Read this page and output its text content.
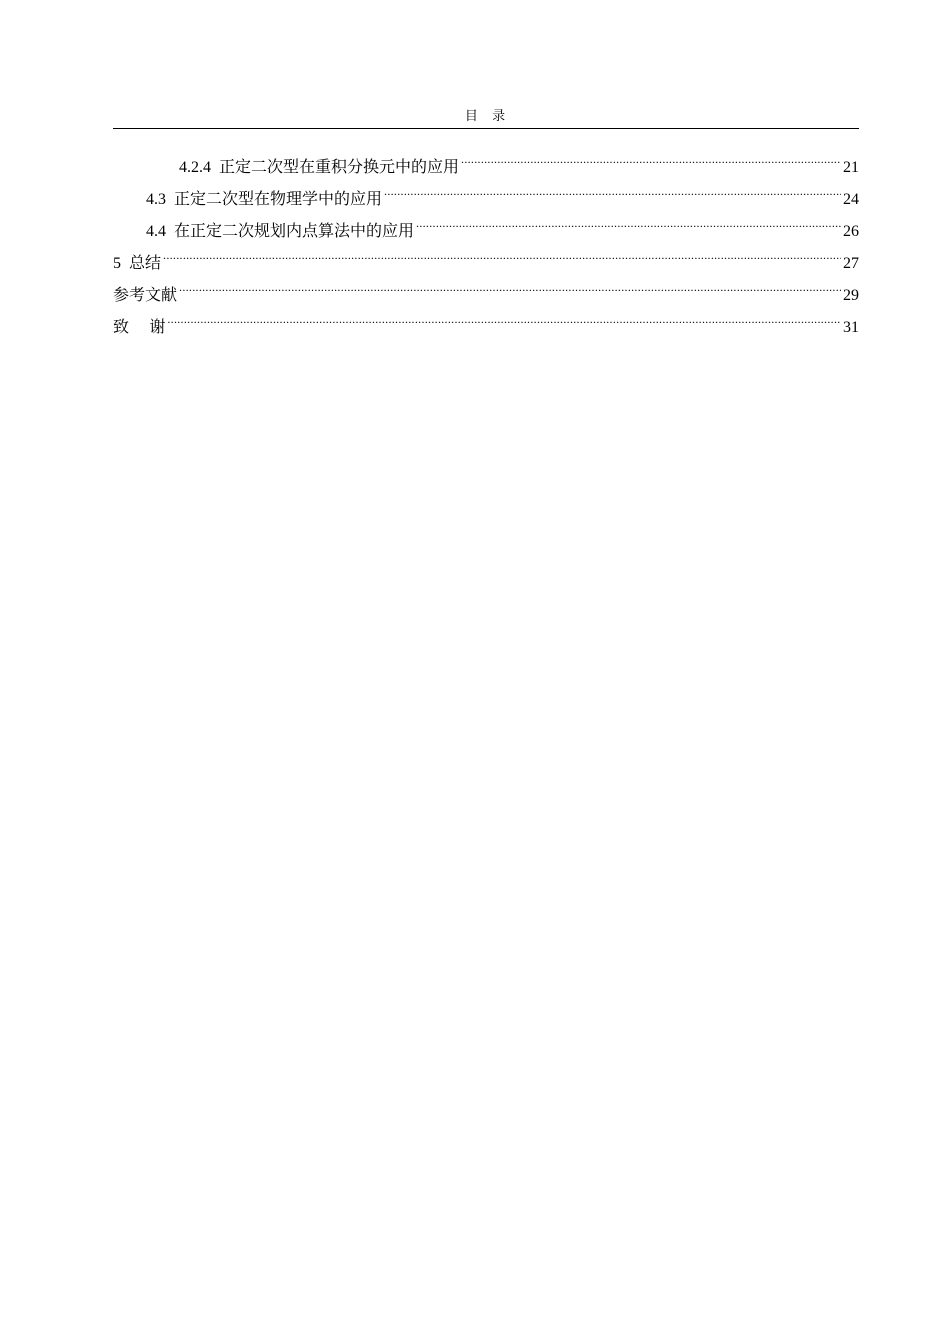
目  录
4.2.4 正定二次型在重积分换元中的应用 .....	21
4.3 正定二次型在物理学中的应用 .....	24
4.4 在正定二次规划内点算法中的应用 .....	26
5 总结 .....	27
参考文献 .....	29
致    谢 .....	31
